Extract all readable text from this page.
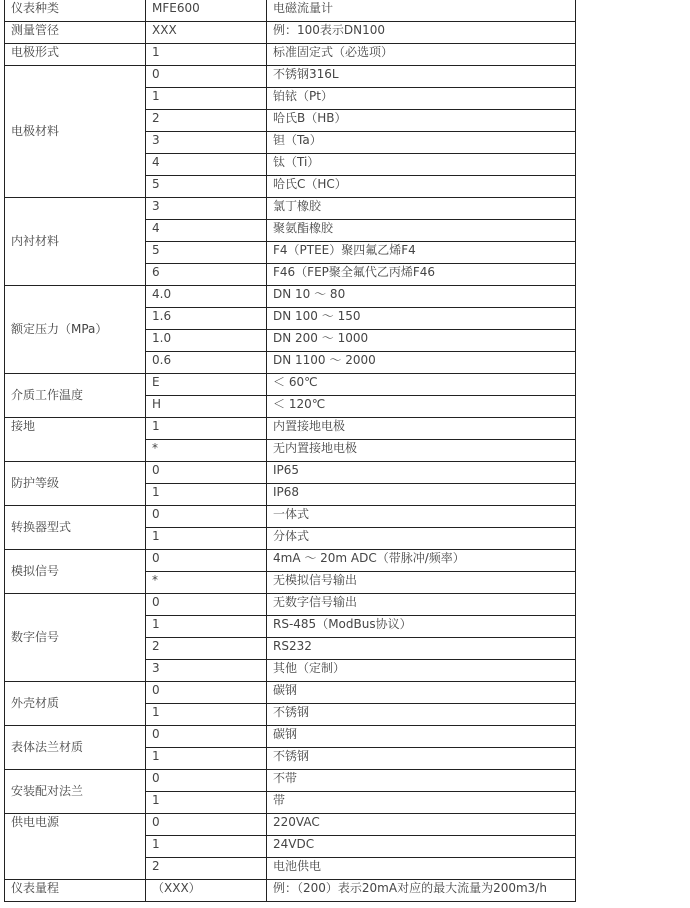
仪表种类	MFE600	电磁流量计
测量管径	XXX	例：100表示DN100
电极形式	1	标准固定式（必选项）
电极材料	0	不锈钢316L
	1	铂铱（Pt）
	2	哈氏B（HB）
	3	钽（Ta）
	4	钛（Ti）
	5	哈氏C（HC）
内衬材料	3	氯丁橡胶
	4	聚氨酯橡胶
	5	F4（PTEE）聚四氟乙烯F4
	6	F46（FEP聚全氟代乙丙烯F46
额定压力（MPa）	4.0	DN 10 ～ 80
	1.6	DN 100 ～ 150
	1.0	DN 200 ～ 1000
	0.6	DN 1100 ～ 2000
介质工作温度	E	＜ 60℃
	H	＜ 120℃
接地	1	内置接地电极
	*	无内置接地电极
防护等级	0	IP65
	1	IP68
转换器型式	0	一体式
	1	分体式
模拟信号	0	4mA ～ 20m ADC（带脉冲/频率）
	*	无模拟信号输出
数字信号	0	无数字信号输出
	1	RS-485（ModBus协议）
	2	RS232
	3	其他（定制）
外壳材质	0	碳钢
	1	不锈钢
表体法兰材质	0	碳钢
	1	不锈钢
安装配对法兰	0	不带
	1	带
供电电源	0	220VAC
	1	24VDC
	2	电池供电
仪表量程	（XXX）	例：（200）表示20mA对应的最大流量为200m3/h
